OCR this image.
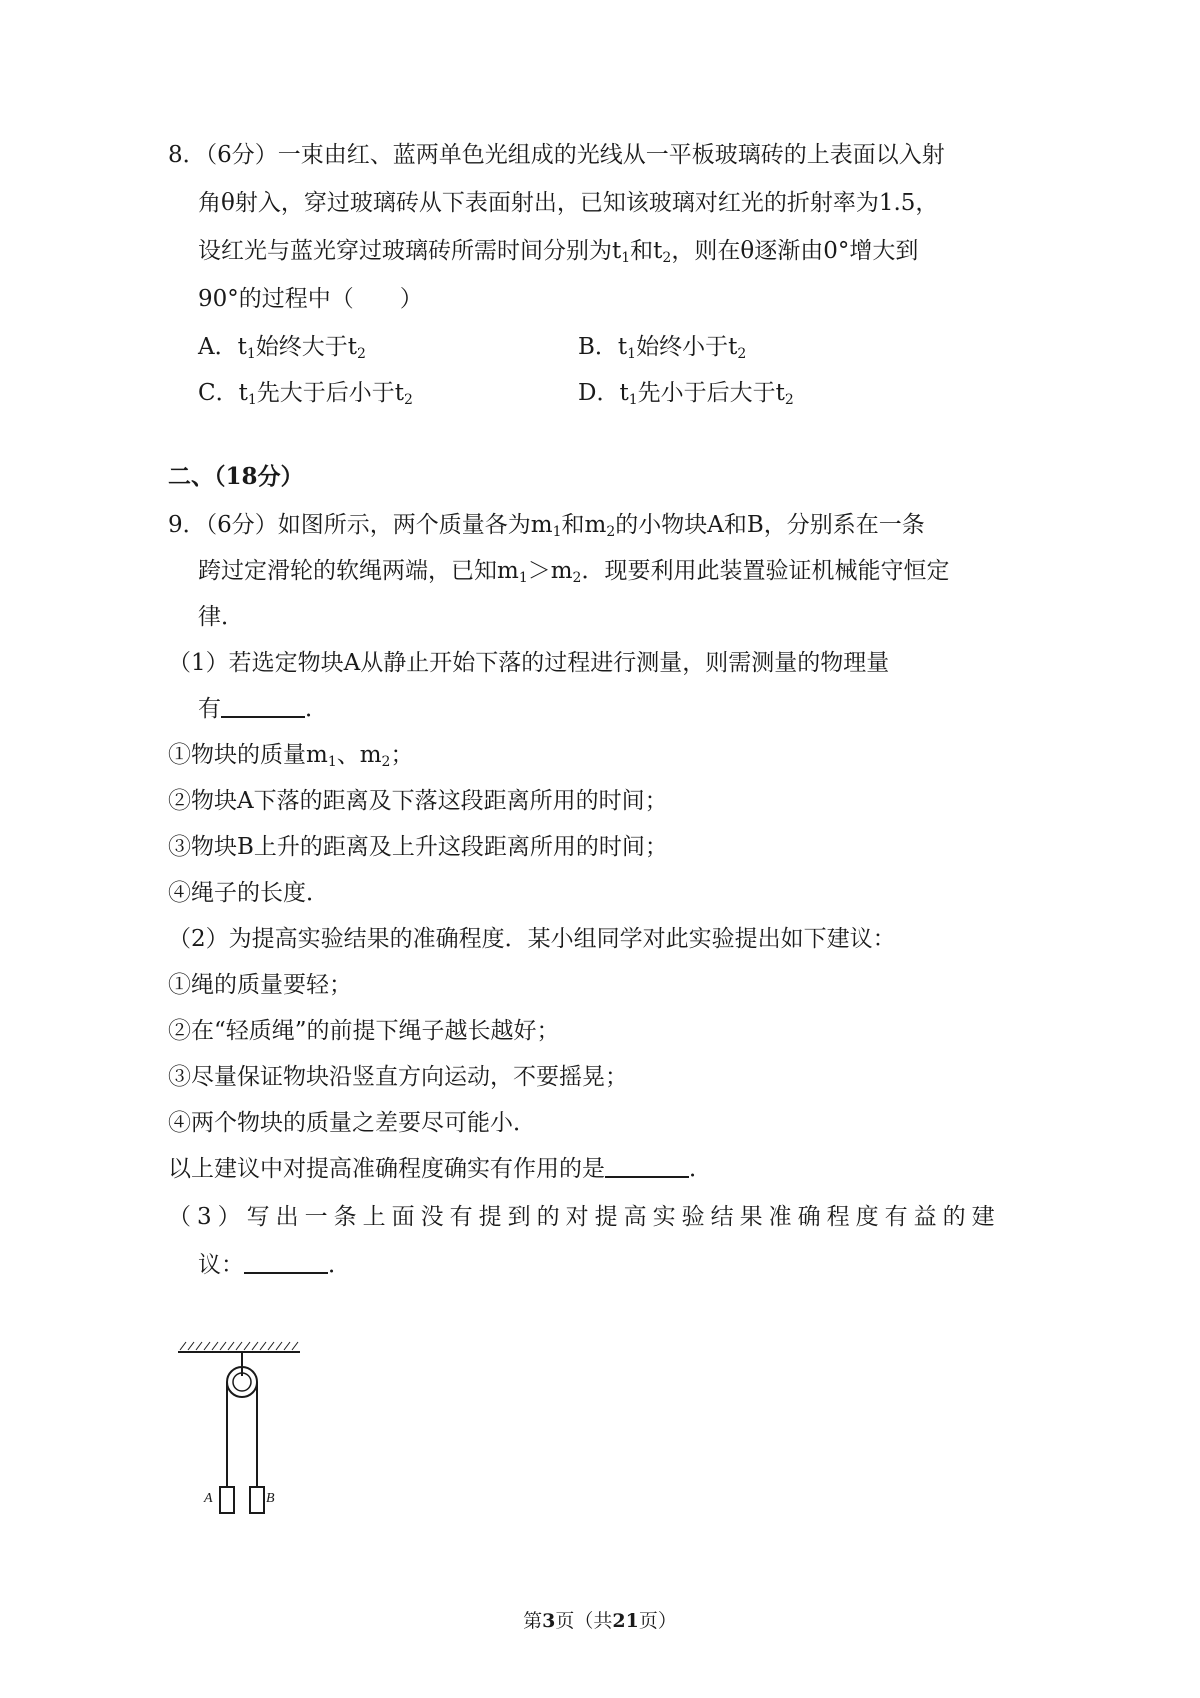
8．（6分）一束由红、蓝两单色光组成的光线从一平板玻璃砖的上表面以入射
角θ射入，穿过玻璃砖从下表面射出，已知该玻璃对红光的折射率为1.5，
设红光与蓝光穿过玻璃砖所需时间分别为$t_1$和$t_2$，则在θ逐渐由0°增大到
90°的过程中（　　）
A．$t_1$始终大于$t_2$	B．$t_1$始终小于$t_2$
C．$t_1$先大于后小于$t_2$	D．$t_1$先小于后大于$t_2$
二、（18分）
9．（6分）如图所示，两个质量各为$m_1$和$m_2$的小物块A和B，分别系在一条
跨过定滑轮的软绳两端，已知$m_1>m_2$．现要利用此装置验证机械能守恒定
律．
（1）若选定物块A从静止开始下落的过程进行测量，则需测量的物理量
有	．
①物块的质量$m_1$、$m_2$；
②物块A下落的距离及下落这段距离所用的时间；
③物块B上升的距离及上升这段距离所用的时间；
④绳子的长度．
（2）为提高实验结果的准确程度．某小组同学对此实验提出如下建议：
①绳的质量要轻；
②在“轻质绳”的前提下绳子越长越好；
③尽量保证物块沿竖直方向运动，不要摇晃；
④两个物块的质量之差要尽可能小．
以上建议中对提高准确程度确实有作用的是	．
（3）写出一条上面没有提到的对提高实验结果准确程度有益的建
议：	．
A	B
第3页（共21页）
